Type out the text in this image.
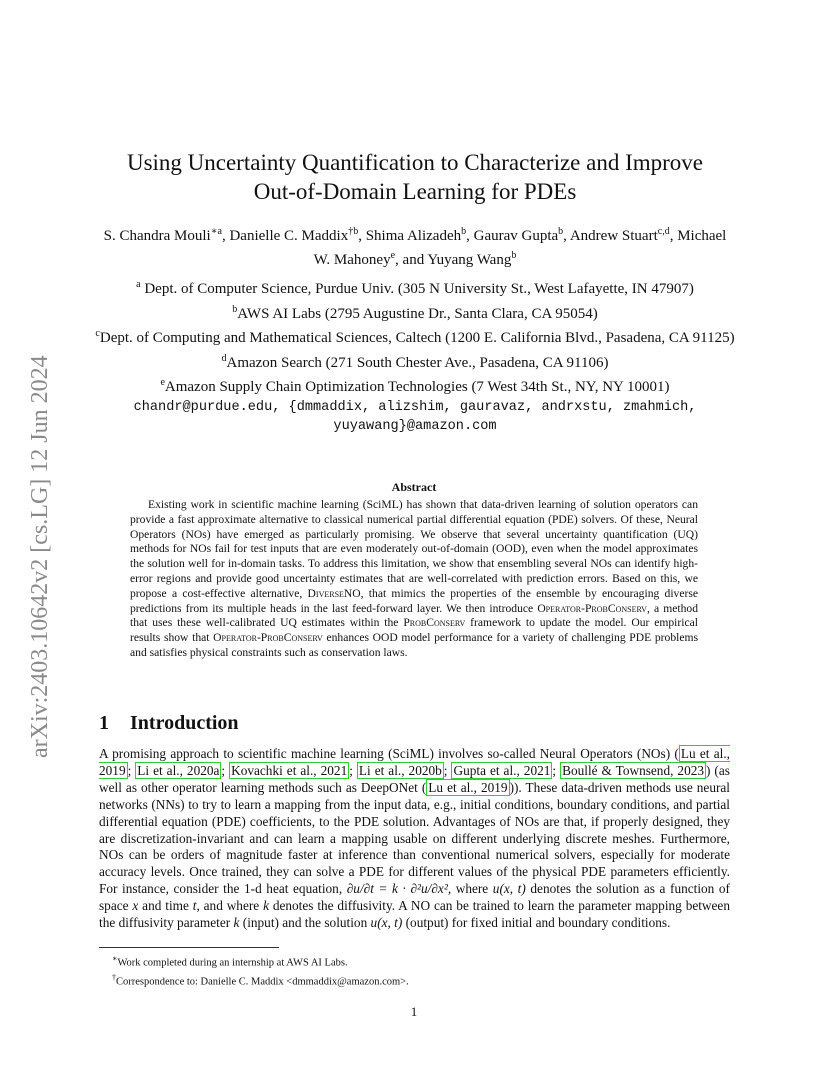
arXiv:2403.10642v2 [cs.LG] 12 Jun 2024
Using Uncertainty Quantification to Characterize and Improve
Out-of-Domain Learning for PDEs
S. Chandra Mouli$^{∗a}$, Danielle C. Maddix$^{\dagger b}$, Shima Alizadeh$^b$, Gaurav Gupta$^b$, Andrew Stuart$^{c,d}$, Michael W. Mahoney$^e$, and Yuyang Wang$^b$
$^a$ Dept. of Computer Science, Purdue Univ. (305 N University St., West Lafayette, IN 47907)
$^b$AWS AI Labs (2795 Augustine Dr., Santa Clara, CA 95054)
$^c$Dept. of Computing and Mathematical Sciences, Caltech (1200 E. California Blvd., Pasadena, CA 91125)
$^d$Amazon Search (271 South Chester Ave., Pasadena, CA 91106)
$^e$Amazon Supply Chain Optimization Technologies (7 West 34th St., NY, NY 10001)
chandr@purdue.edu, {dmmaddix, alizshim, gauravaz, andrxstu, zmahmich,
yuyawang}@amazon.com
Abstract
Existing work in scientific machine learning (SciML) has shown that data-driven learning of solution operators can provide a fast approximate alternative to classical numerical partial differential equation (PDE) solvers. Of these, Neural Operators (NOs) have emerged as particularly promising. We observe that several uncertainty quantification (UQ) methods for NOs fail for test inputs that are even moderately out-of-domain (OOD), even when the model approximates the solution well for in-domain tasks. To address this limitation, we show that ensembling several NOs can identify high-error regions and provide good uncertainty estimates that are well-correlated with prediction errors. Based on this, we propose a cost-effective alternative, DiverseNO, that mimics the properties of the ensemble by encouraging diverse predictions from its multiple heads in the last feed-forward layer. We then introduce Operator-ProbConserv, a method that uses these well-calibrated UQ estimates within the ProbConserv framework to update the model. Our empirical results show that Operator-ProbConserv enhances OOD model performance for a variety of challenging PDE problems and satisfies physical constraints such as conservation laws.
1 Introduction
A promising approach to scientific machine learning (SciML) involves so-called Neural Operators (NOs) ( Lu et al., 2019 ; Li et al., 2020a ; Kovachki et al., 2021 ; Li et al., 2020b ; Gupta et al., 2021 ; Boullé & Townsend, 2023 ) (as well as other operator learning methods such as DeepONet ( Lu et al., 2019 )). These data-driven methods use neural networks (NNs) to try to learn a mapping from the input data, e.g., initial conditions, boundary conditions, and partial differential equation (PDE) coefficients, to the PDE solution. Advantages of NOs are that, if properly designed, they are discretization-invariant and can learn a mapping usable on different underlying discrete meshes. Furthermore, NOs can be orders of magnitude faster at inference than conventional numerical solvers, especially for moderate accuracy levels. Once trained, they can solve a PDE for different values of the physical PDE parameters efficiently. For instance, consider the 1-d heat equation, ∂u/∂t = k · ∂²u/∂x², where u(x, t) denotes the solution as a function of space x and time t, and where k denotes the diffusivity. A NO can be trained to learn the parameter mapping between the diffusivity parameter k (input) and the solution u(x, t) (output) for fixed initial and boundary conditions.
∗Work completed during an internship at AWS AI Labs.
†Correspondence to: Danielle C. Maddix <dmmaddix@amazon.com>.
1
